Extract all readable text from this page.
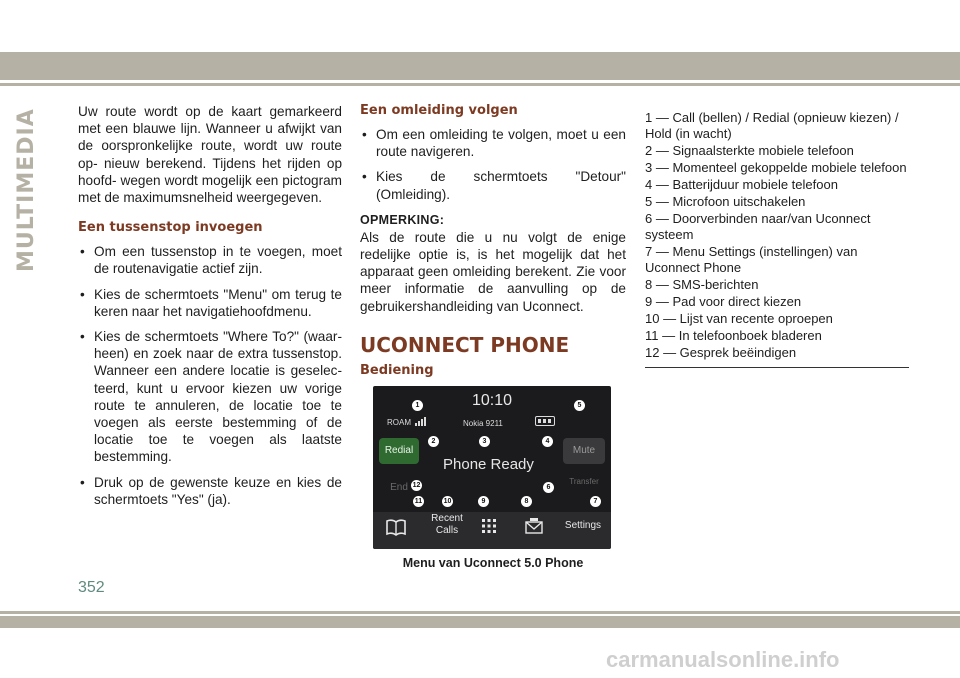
MULTIMEDIA	Uw route wordt op de kaart gemarkeerd met een blauwe lijn. Wanneer u afwijkt van de oorspronkelijke route, wordt uw route op- nieuw berekend. Tijdens het rijden op hoofd- wegen wordt mogelijk een pictogram met de maximumsnelheid weergegeven.

Een tussenstop invoegen
• Om een tussenstop in te voegen, moet de routenavigatie actief zijn.
• Kies de schermtoets "Menu" om terug te keren naar het navigatiehoofdmenu.
• Kies de schermtoets "Where To?" (waar- heen) en zoek naar de extra tussenstop. Wanneer een andere locatie is geselec- teerd, kunt u ervoor kiezen uw vorige route te annuleren, de locatie toe te voegen als eerste bestemming of de locatie toe te voegen als laatste bestemming.
• Druk op de gewenste keuze en kies de schermtoets "Yes" (ja).
Een omleiding volgen
• Om een omleiding te volgen, moet u een route navigeren.
• Kies de schermtoets "Detour" (Omleiding).
OPMERKING:

Als de route die u nu volgt de enige redelijke optie is, is het mogelijk dat het apparaat geen omleiding berekent. Zie voor meer informatie de aanvulling op de gebruikershandleiding van Uconnect.

UCONNECT PHONE
Bediening
10:10
ROAM	Nokia 9211
Redial
Phone Ready
Mute
End
Transfer
Recent
Calls	Settings
1
2	3	4
5
6
7
8
9
10
11
12
Menu van Uconnect 5.0 Phone
1 — Call (bellen) / Redial (opnieuw kiezen) / Hold (in wacht)
2 — Signaalsterkte mobiele telefoon
3 — Momenteel gekoppelde mobiele telefoon
4 — Batterijduur mobiele telefoon
5 — Microfoon uitschakelen
6 — Doorverbinden naar/van Uconnect systeem
7 — Menu Settings (instellingen) van Uconnect Phone
8 — SMS-berichten
9 — Pad voor direct kiezen
10 — Lijst van recente oproepen
11 — In telefoonboek bladeren
12 — Gesprek beëindigen
352
carmanualsonline.info
